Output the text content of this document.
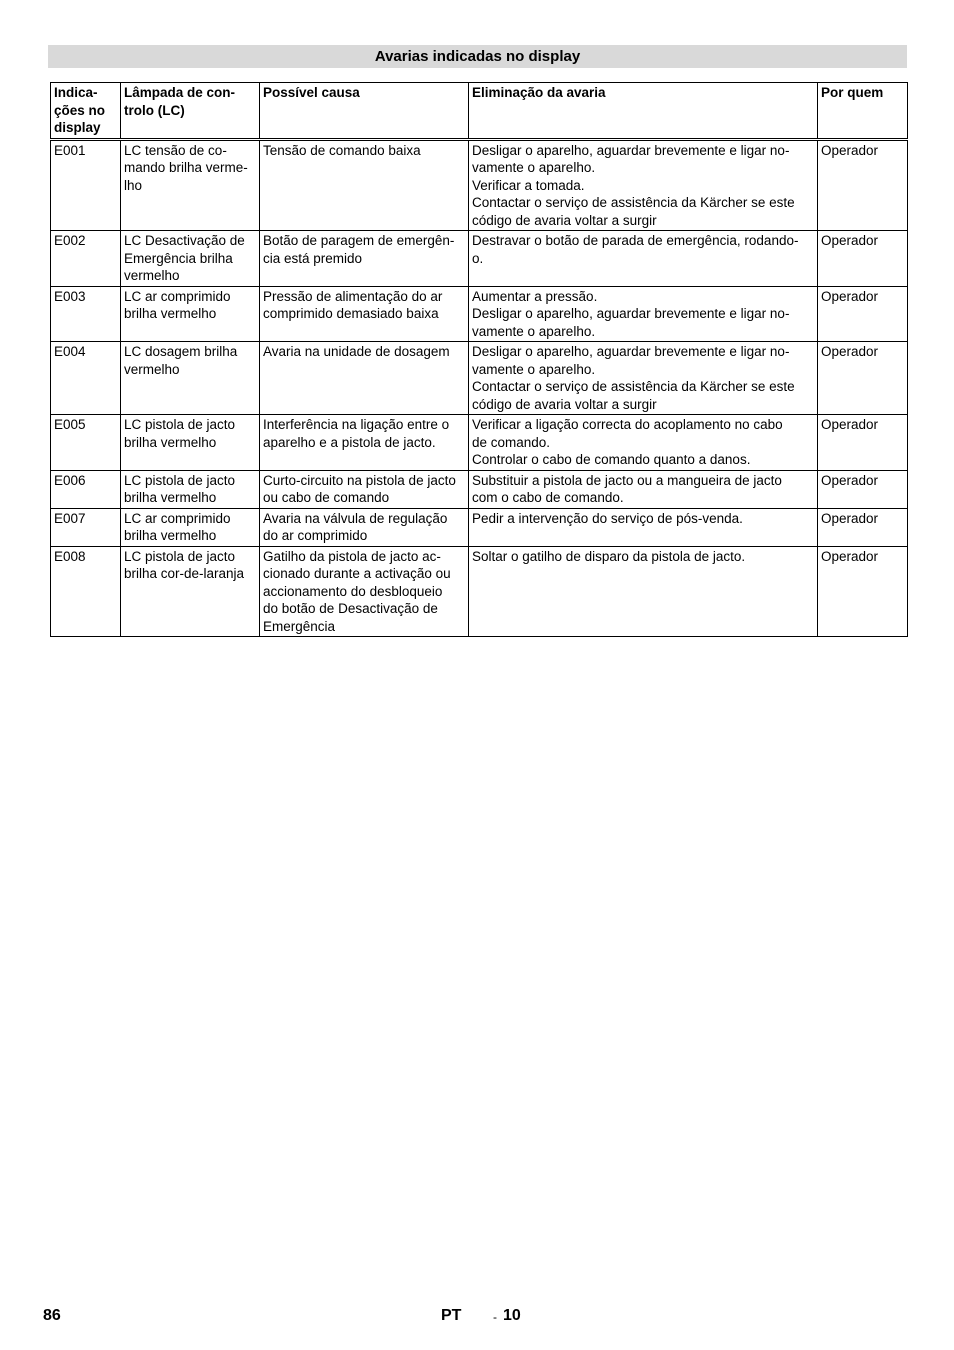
Avarias indicadas no display
Indica-
ções no
display	Lâmpada de con-
trolo (LC)	Possível causa	Eliminação da avaria	Por quem

E001	LC tensão de co-
mando brilha verme-
lho	Tensão de comando baixa	Desligar o aparelho, aguardar brevemente e ligar no-
vamente o aparelho.
Verificar a tomada.
Contactar o serviço de assistência da Kärcher se este
código de avaria voltar a surgir	Operador
E002	LC Desactivação de
Emergência brilha
vermelho	Botão de paragem de emergên-
cia está premido	Destravar o botão de parada de emergência, rodando-
o.	Operador
E003	LC ar comprimido
brilha vermelho	Pressão de alimentação do ar
comprimido demasiado baixa	Aumentar a pressão.
Desligar o aparelho, aguardar brevemente e ligar no-
vamente o aparelho.	Operador
E004	LC dosagem brilha
vermelho	Avaria na unidade de dosagem	Desligar o aparelho, aguardar brevemente e ligar no-
vamente o aparelho.
Contactar o serviço de assistência da Kärcher se este
código de avaria voltar a surgir	Operador
E005	LC pistola de jacto
brilha vermelho	Interferência na ligação entre o
aparelho e a pistola de jacto.	Verificar a ligação correcta do acoplamento no cabo
de comando.
Controlar o cabo de comando quanto a danos.	Operador
E006	LC pistola de jacto
brilha vermelho	Curto-circuito na pistola de jacto
ou cabo de comando	Substituir a pistola de jacto ou a mangueira de jacto
com o cabo de comando.	Operador
E007	LC ar comprimido
brilha vermelho	Avaria na válvula de regulação
do ar comprimido	Pedir a intervenção do serviço de pós-venda.	Operador
E008	LC pistola de jacto
brilha cor-de-laranja	Gatilho da pistola de jacto ac-
cionado durante a activação ou
accionamento do desbloqueio
do botão de Desactivação de
Emergência	Soltar o gatilho de disparo da pistola de jacto.	Operador
86	PT	- 10
